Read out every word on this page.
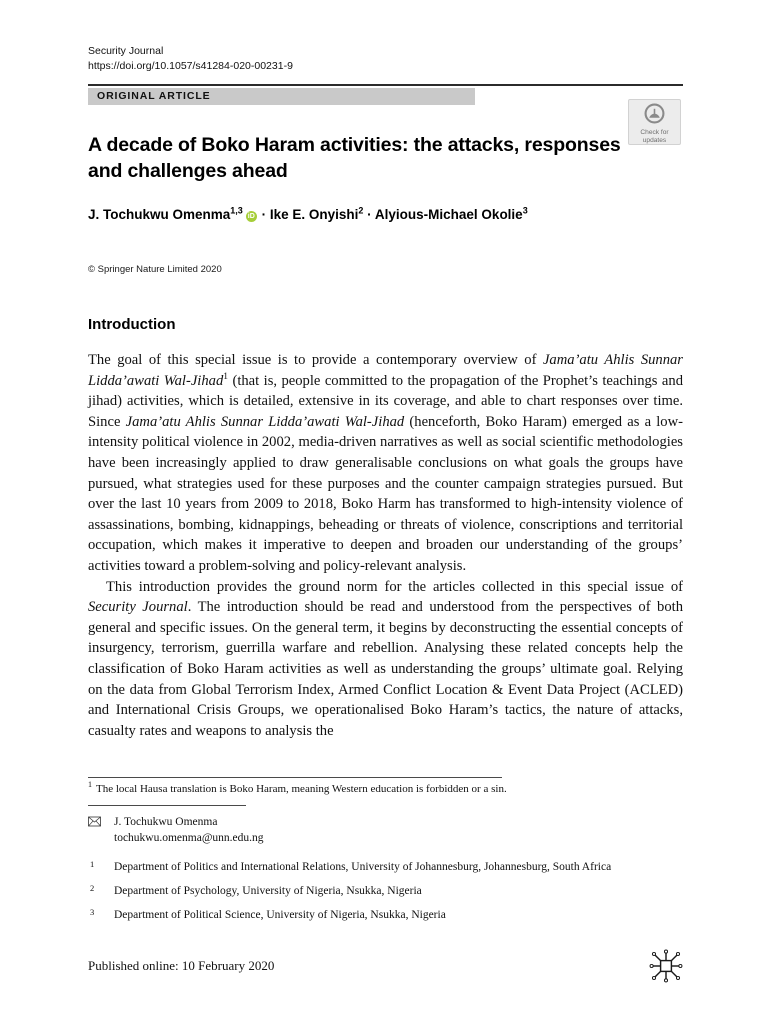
Security Journal
https://doi.org/10.1057/s41284-020-00231-9
ORIGINAL ARTICLE
Check for
updates
A decade of Boko Haram activities: the attacks, responses and challenges ahead
J. Tochukwu Omenma$^{1,3}$iD · Ike E. Onyishi$^2$ · Alyious-Michael Okolie$^3$
© Springer Nature Limited 2020
Introduction

The goal of this special issue is to provide a contemporary overview of Jama’atu Ahlis Sunnar Lidda’awati Wal-Jihad$^1$ (that is, people committed to the propagation of the Prophet’s teachings and jihad) activities, which is detailed, extensive in its coverage, and able to chart responses over time. Since Jama’atu Ahlis Sunnar Lidda’awati Wal-Jihad (henceforth, Boko Haram) emerged as a low-intensity political violence in 2002, media-driven narratives as well as social scientific methodologies have been increasingly applied to draw generalisable conclusions on what goals the groups have pursued, what strategies used for these purposes and the counter campaign strategies pursued. But over the last 10 years from 2009 to 2018, Boko Harm has transformed to high-intensity violence of assassinations, bombing, kidnappings, beheading or threats of violence, conscriptions and territorial occupation, which makes it imperative to deepen and broaden our understanding of the groups’ activities toward a problem-solving and policy-relevant analysis.

This introduction provides the ground norm for the articles collected in this special issue of Security Journal. The introduction should be read and understood from the perspectives of both general and specific issues. On the general term, it begins by deconstructing the essential concepts of insurgency, terrorism, guerrilla warfare and rebellion. Analysing these related concepts help the classification of Boko Haram activities as well as understanding the groups’ ultimate goal. Relying on the data from Global Terrorism Index, Armed Conflict Location & Event Data Project (ACLED) and International Crisis Groups, we operationalised Boko Haram’s tactics, the nature of attacks, casualty rates and weapons to analysis the

$^1$ The local Hausa translation is Boko Haram, meaning Western education is forbidden or a sin.
J. Tochukwu Omenma
tochukwu.omenma@unn.edu.ng
1 Department of Politics and International Relations, University of Johannesburg, Johannesburg, South Africa
2 Department of Psychology, University of Nigeria, Nsukka, Nigeria
3 Department of Political Science, University of Nigeria, Nsukka, Nigeria
Published online: 10 February 2020
